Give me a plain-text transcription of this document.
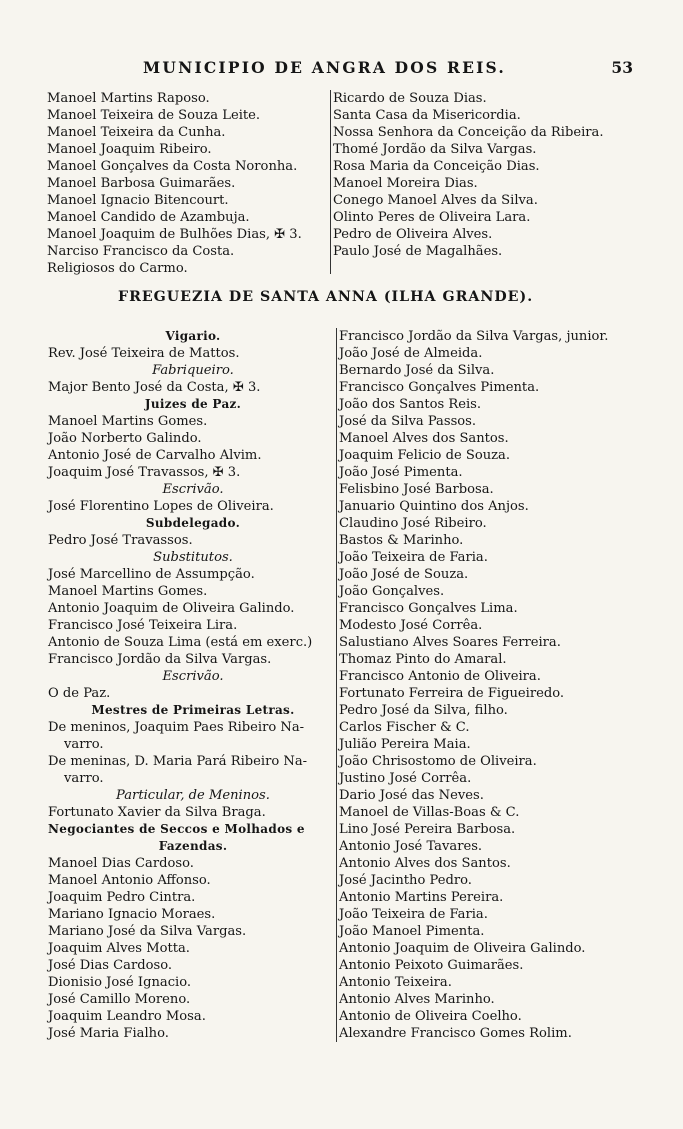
MUNICIPIO DE ANGRA DOS REIS.	53
Manoel Martins Raposo.
Manoel Teixeira de Souza Leite.
Manoel Teixeira da Cunha.
Manoel Joaquim Ribeiro.
Manoel Gonçalves da Costa Noronha.
Manoel Barbosa Guimarães.
Manoel Ignacio Bitencourt.
Manoel Candido de Azambuja.
Manoel Joaquim de Bulhões Dias, ✠ 3.
Narciso Francisco da Costa.
Religiosos do Carmo.
Ricardo de Souza Dias.
Santa Casa da Misericordia.
Nossa Senhora da Conceição da Ribeira.
Thomé Jordão da Silva Vargas.
Rosa Maria da Conceição Dias.
Manoel Moreira Dias.
Conego Manoel Alves da Silva.
Olinto Peres de Oliveira Lara.
Pedro de Oliveira Alves.
Paulo José de Magalhães.
FREGUEZIA DE SANTA ANNA (ILHA GRANDE).
Vigario.
Rev. José Teixeira de Mattos.
Fabriqueiro.
Major Bento José da Costa, ✠ 3.
Juizes de Paz.
Manoel Martins Gomes.
João Norberto Galindo.
Antonio José de Carvalho Alvim.
Joaquim José Travassos, ✠ 3.
Escrivão.
José Florentino Lopes de Oliveira.
Subdelegado.
Pedro José Travassos.
Substitutos.
José Marcellino de Assumpção.
Manoel Martins Gomes.
Antonio Joaquim de Oliveira Galindo.
Francisco José Teixeira Lira.
Antonio de Souza Lima (está em exerc.)
Francisco Jordão da Silva Vargas.
Escrivão.
O de Paz.
Mestres de Primeiras Letras.
De meninos, Joaquim Paes Ribeiro Na-
varro.
De meninas, D. Maria Pará Ribeiro Na-
varro.
Particular, de Meninos.
Fortunato Xavier da Silva Braga.
Negociantes de Seccos e Molhados e
Fazendas.
Manoel Dias Cardoso.
Manoel Antonio Affonso.
Joaquim Pedro Cintra.
Mariano Ignacio Moraes.
Mariano José da Silva Vargas.
Joaquim Alves Motta.
José Dias Cardoso.
Dionisio José Ignacio.
José Camillo Moreno.
Joaquim Leandro Mosa.
José Maria Fialho.
Francisco Jordão da Silva Vargas, junior.
João José de Almeida.
Bernardo José da Silva.
Francisco Gonçalves Pimenta.
João dos Santos Reis.
José da Silva Passos.
Manoel Alves dos Santos.
Joaquim Felicio de Souza.
João José Pimenta.
Felisbino José Barbosa.
Januario Quintino dos Anjos.
Claudino José Ribeiro.
Bastos & Marinho.
João Teixeira de Faria.
João José de Souza.
João Gonçalves.
Francisco Gonçalves Lima.
Modesto José Corrêa.
Salustiano Alves Soares Ferreira.
Thomaz Pinto do Amaral.
Francisco Antonio de Oliveira.
Fortunato Ferreira de Figueiredo.
Pedro José da Silva, filho.
Carlos Fischer & C.
Julião Pereira Maia.
João Chrisostomo de Oliveira.
Justino José Corrêa.
Dario José das Neves.
Manoel de Villas-Boas & C.
Lino José Pereira Barbosa.
Antonio José Tavares.
Antonio Alves dos Santos.
José Jacintho Pedro.
Antonio Martins Pereira.
João Teixeira de Faria.
João Manoel Pimenta.
Antonio Joaquim de Oliveira Galindo.
Antonio Peixoto Guimarães.
Antonio Teixeira.
Antonio Alves Marinho.
Antonio de Oliveira Coelho.
Alexandre Francisco Gomes Rolim.
